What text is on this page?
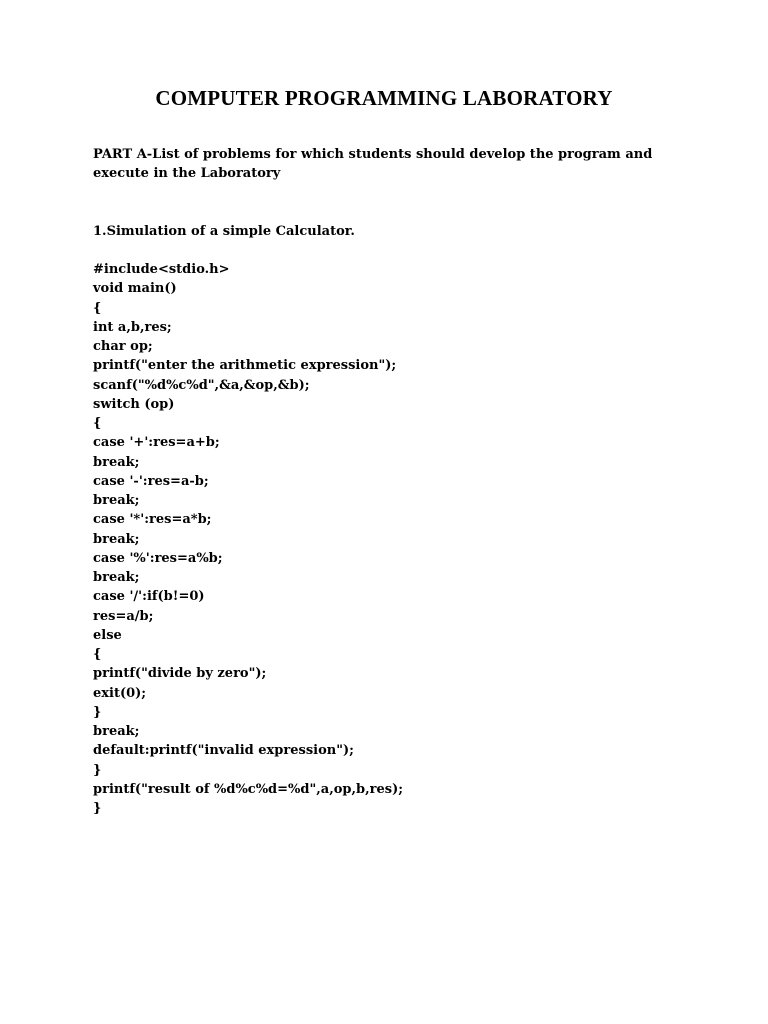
COMPUTER PROGRAMMING LABORATORY

PART A-List of problems for which students should develop the program and execute in the Laboratory

1.Simulation of a simple Calculator.

#include<stdio.h>
void main()
{
int a,b,res;
char op;
printf("enter the arithmetic expression");
scanf("%d%c%d",&a,&op,&b);
switch (op)
{
case '+':res=a+b;
break;
case '-':res=a-b;
break;
case '*':res=a*b;
break;
case '%':res=a%b;
break;
case '/':if(b!=0)
res=a/b;
else
{
printf("divide by zero");
exit(0);
}
break;
default:printf("invalid expression");
}
printf("result of %d%c%d=%d",a,op,b,res);
}
